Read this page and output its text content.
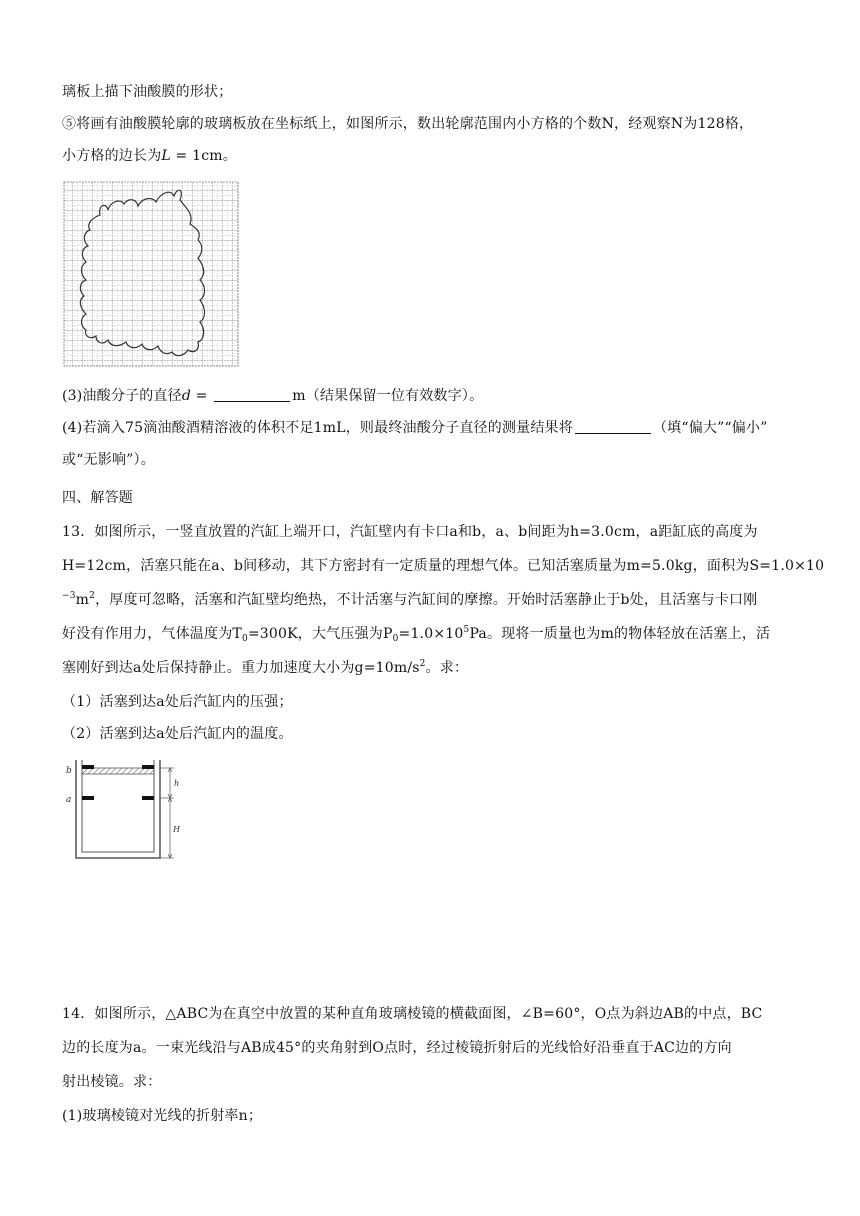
璃板上描下油酸膜的形状；
⑤将画有油酸膜轮廓的玻璃板放在坐标纸上，如图所示，数出轮廓范围内小方格的个数N，经观察N为128格，
小方格的边长为L = 1cm。
(3)油酸分子的直径d =	m（结果保留一位有效数字）。
(4)若滴入75滴油酸酒精溶液的体积不足1mL，则最终油酸分子直径的测量结果将	（填“偏大”“偏小”
或“无影响”）。
四、解答题
13．如图所示，一竖直放置的汽缸上端开口，汽缸壁内有卡口a和b，a、b间距为h=3.0cm，a距缸底的高度为
H=12cm，活塞只能在a、b间移动，其下方密封有一定质量的理想气体。已知活塞质量为m=5.0kg，面积为S=1.0×10
$^{-3}m^2$，厚度可忽略，活塞和汽缸壁均绝热，不计活塞与汽缸间的摩擦。开始时活塞静止于b处，且活塞与卡口刚
好没有作用力，气体温度为$T_0=300K$，大气压强为$P_0=1.0\times 10^5Pa$。现将一质量也为m的物体轻放在活塞上，活
塞刚好到达a处后保持静止。重力加速度大小为$g=10m/s^2$。求：
（1）活塞到达a处后汽缸内的压强；
（2）活塞到达a处后汽缸内的温度。
b
a
h
H
14．如图所示，△ABC为在真空中放置的某种直角玻璃棱镜的横截面图，∠B=60°，O点为斜边AB的中点，BC
边的长度为a。一束光线沿与AB成45°的夹角射到O点时，经过棱镜折射后的光线恰好沿垂直于AC边的方向
射出棱镜。求：
(1)玻璃棱镜对光线的折射率n；
